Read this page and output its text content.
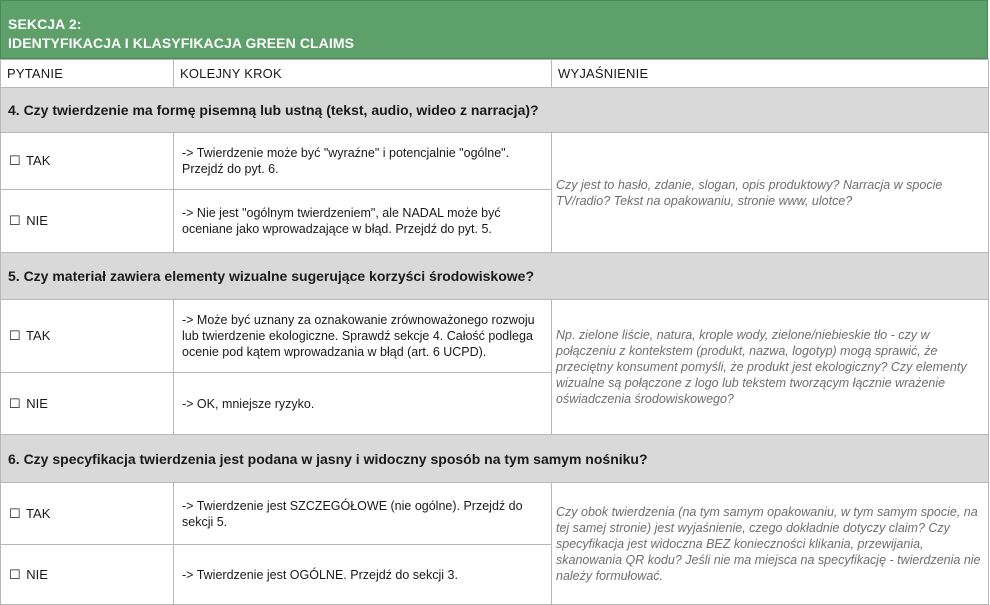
SEKCJA 2:
IDENTYFIKACJA I KLASYFIKACJA GREEN CLAIMS
PYTANIE	KOLEJNY KROK	WYJAŚNIENIE
4. Czy twierdzenie ma formę pisemną lub ustną (tekst, audio, wideo z narracja)?		
☐ TAK	-> Twierdzenie może być "wyraźne" i potencjalnie "ogólne". Przejdź do pyt. 6.	Czy jest to hasło, zdanie, slogan, opis produktowy? Narracja w spocie TV/radio? Tekst na opakowaniu, stronie www, ulotce?
☐ NIE	-> Nie jest "ogólnym twierdzeniem", ale NADAL może być oceniane jako wprowadzające w błąd. Przejdź do pyt. 5.	
5. Czy materiał zawiera elementy wizualne sugerujące korzyści środowiskowe?		
☐ TAK	-> Może być uznany za oznakowanie zrównoważonego rozwoju lub twierdzenie ekologiczne. Sprawdź sekcje 4. Całość podlega ocenie pod kątem wprowadzania w błąd (art. 6 UCPD).	Np. zielone liście, natura, krople wody, zielone/niebieskie tło - czy w połączeniu z kontekstem (produkt, nazwa, logotyp) mogą sprawić, że przeciętny konsument pomyśli, że produkt jest ekologiczny? Czy elementy wizualne są połączone z logo lub tekstem tworzącym łącznie wrażenie oświadczenia środowiskowego?
☐ NIE	-> OK, mniejsze ryzyko.	
6. Czy specyfikacja twierdzenia jest podana w jasny i widoczny sposób na tym samym nośniku?		
☐ TAK	-> Twierdzenie jest SZCZEGÓŁOWE (nie ogólne). Przejdź do sekcji 5.	Czy obok twierdzenia (na tym samym opakowaniu, w tym samym spocie, na tej samej stronie) jest wyjaśnienie, czego dokładnie dotyczy claim? Czy specyfikacja jest widoczna BEZ konieczności klikania, przewijania, skanowania QR kodu? Jeśli nie ma miejsca na specyfikację - twierdzenia nie należy formułować.
☐ NIE	-> Twierdzenie jest OGÓLNE. Przejdź do sekcji 3.	
